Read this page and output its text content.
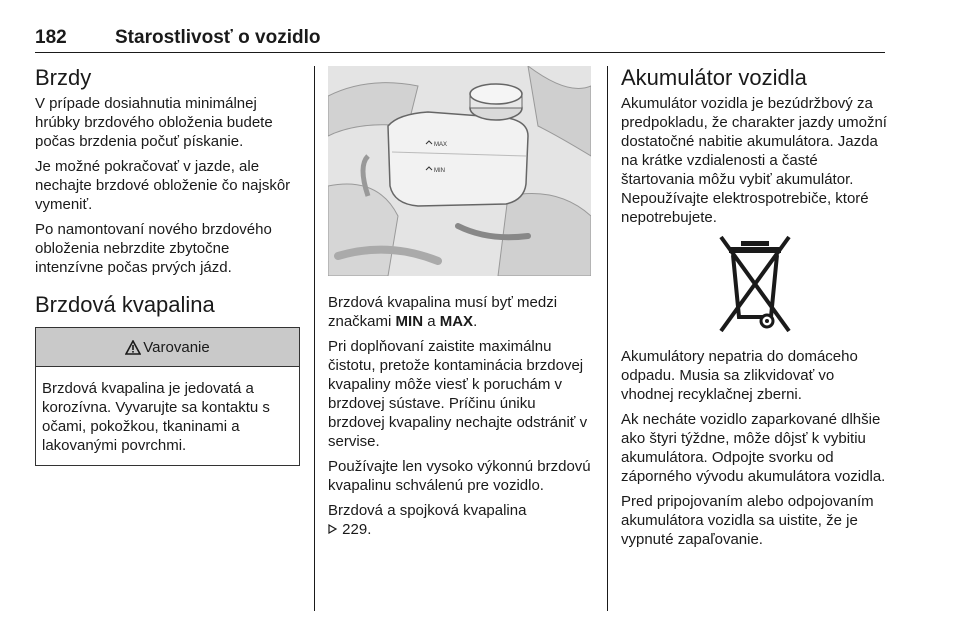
182	Starostlivosť o vozidlo
Brzdy

V prípade dosiahnutia minimálnej hrúbky brzdového obloženia budete počas brzdenia počuť pískanie.

Je možné pokračovať v jazde, ale nechajte brzdové obloženie čo najskôr vymeniť.

Po namontovaní nového brzdového obloženia nebrzdite zbytočne intenzívne počas prvých jázd.

Brzdová kvapalina
Varovanie
Brzdová kvapalina je jedovatá a korozívna. Vyvarujte sa kontaktu s očami, pokožkou, tkaninami a lakovanými povrchmi.
MAX
MIN

Brzdová kvapalina musí byť medzi značkami MIN a MAX.

Pri doplňovaní zaistite maximálnu čistotu, pretože kontaminácia brzdovej kvapaliny môže viesť k poruchám v brzdovej sústave. Príčinu úniku brzdovej kvapaliny nechajte odstrániť v servise.

Používajte len vysoko výkonnú brzdovú kvapalinu schválenú pre vozidlo.

Brzdová a spojková kvapalina
229.

Akumulátor vozidla

Akumulátor vozidla je bezúdržbový za predpokladu, že charakter jazdy umožní dostatočné nabitie akumulátora. Jazda na krátke vzdialenosti a časté štartovania môžu vybiť akumulátor. Nepoužívajte elektrospotrebiče, ktoré nepotrebujete.

Akumulátory nepatria do domáceho odpadu. Musia sa zlikvidovať vo vhodnej recyklačnej zberni.

Ak necháte vozidlo zaparkované dlhšie ako štyri týždne, môže dôjsť k vybitiu akumulátora. Odpojte svorku od záporného vývodu akumulátora vozidla.

Pred pripojovaním alebo odpojovaním akumulátora vozidla sa uistite, že je vypnuté zapaľovanie.
